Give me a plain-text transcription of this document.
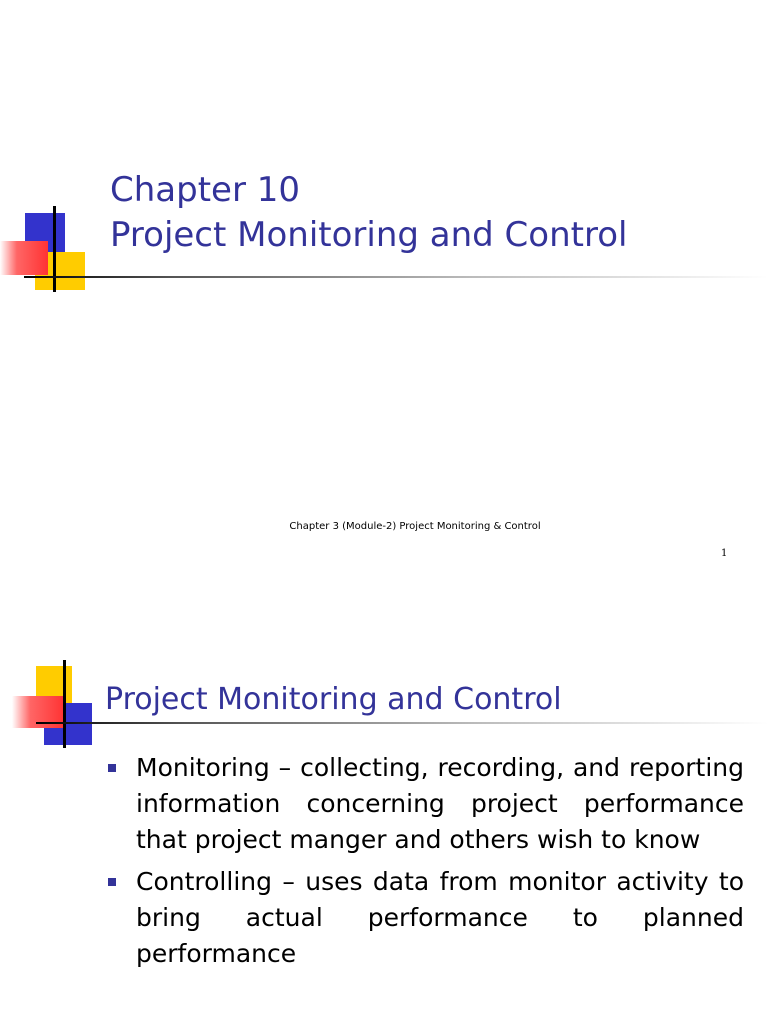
Chapter 10
Project Monitoring and Control
Chapter 3 (Module-2) Project Monitoring & Control
1
Project Monitoring and Control
Monitoring – collecting, recording, and reporting information concerning project performance that project manger and others wish to know
Controlling – uses data from monitor activity to bring actual performance to planned performance
